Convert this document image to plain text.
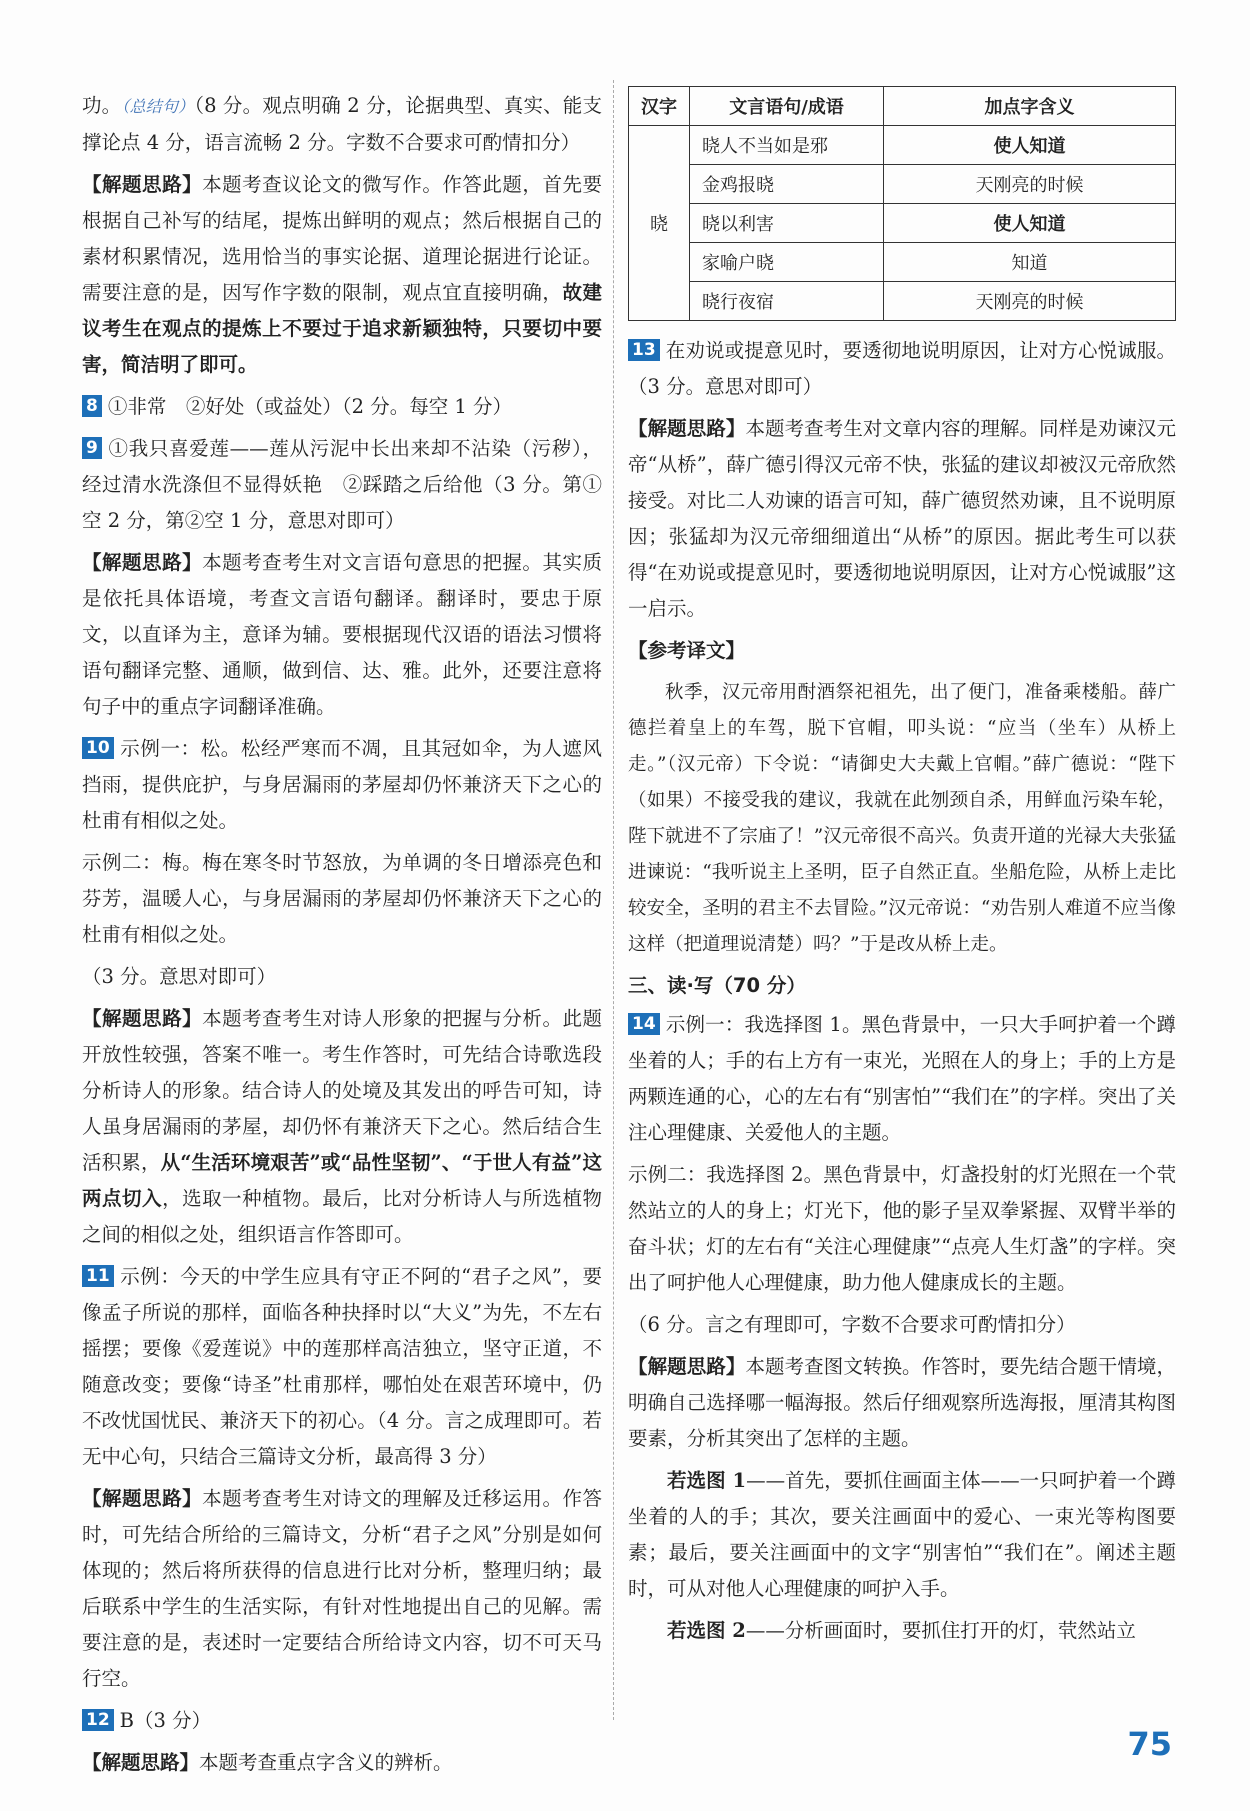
功。（总结句）（8 分。观点明确 2 分，论据典型、真实、能支撑论点 4 分，语言流畅 2 分。字数不合要求可酌情扣分）

【解题思路】本题考查议论文的微写作。作答此题，首先要根据自己补写的结尾，提炼出鲜明的观点；然后根据自己的素材积累情况，选用恰当的事实论据、道理论据进行论证。需要注意的是，因写作字数的限制，观点宜直接明确，故建议考生在观点的提炼上不要过于追求新颖独特，只要切中要害，简洁明了即可。

8 ①非常　②好处（或益处）（2 分。每空 1 分）

9 ①我只喜爱莲——莲从污泥中长出来却不沾染（污秽），经过清水洗涤但不显得妖艳　②踩踏之后给他（3 分。第①空 2 分，第②空 1 分，意思对即可）

【解题思路】本题考查考生对文言语句意思的把握。其实质是依托具体语境，考查文言语句翻译。翻译时，要忠于原文，以直译为主，意译为辅。要根据现代汉语的语法习惯将语句翻译完整、通顺，做到信、达、雅。此外，还要注意将句子中的重点字词翻译准确。

10 示例一：松。松经严寒而不凋，且其冠如伞，为人遮风挡雨，提供庇护，与身居漏雨的茅屋却仍怀兼济天下之心的杜甫有相似之处。

示例二：梅。梅在寒冬时节怒放，为单调的冬日增添亮色和芬芳，温暖人心，与身居漏雨的茅屋却仍怀兼济天下之心的杜甫有相似之处。

（3 分。意思对即可）

【解题思路】本题考查考生对诗人形象的把握与分析。此题开放性较强，答案不唯一。考生作答时，可先结合诗歌选段分析诗人的形象。结合诗人的处境及其发出的呼告可知，诗人虽身居漏雨的茅屋，却仍怀有兼济天下之心。然后结合生活积累，从“生活环境艰苦”或“品性坚韧”、“于世人有益”这两点切入，选取一种植物。最后，比对分析诗人与所选植物之间的相似之处，组织语言作答即可。

11 示例：今天的中学生应具有守正不阿的“君子之风”，要像孟子所说的那样，面临各种抉择时以“大义”为先，不左右摇摆；要像《爱莲说》中的莲那样高洁独立，坚守正道，不随意改变；要像“诗圣”杜甫那样，哪怕处在艰苦环境中，仍不改忧国忧民、兼济天下的初心。（4 分。言之成理即可。若无中心句，只结合三篇诗文分析，最高得 3 分）

【解题思路】本题考查考生对诗文的理解及迁移运用。作答时，可先结合所给的三篇诗文，分析“君子之风”分别是如何体现的；然后将所获得的信息进行比对分析，整理归纳；最后联系中学生的生活实际，有针对性地提出自己的见解。需要注意的是，表述时一定要结合所给诗文内容，切不可天马行空。

12 B（3 分）

【解题思路】本题考查重点字含义的辨析。

汉字	文言语句/成语	加点字含义
晓	晓人不当如是邪	使人知道
	金鸡报晓	天刚亮的时候
	晓以利害	使人知道
	家喻户晓	知道
	晓行夜宿	天刚亮的时候

13 在劝说或提意见时，要透彻地说明原因，让对方心悦诚服。（3 分。意思对即可）

【解题思路】本题考查考生对文章内容的理解。同样是劝谏汉元帝“从桥”，薛广德引得汉元帝不快，张猛的建议却被汉元帝欣然接受。对比二人劝谏的语言可知，薛广德贸然劝谏，且不说明原因；张猛却为汉元帝细细道出“从桥”的原因。据此考生可以获得“在劝说或提意见时，要透彻地说明原因，让对方心悦诚服”这一启示。

【参考译文】

秋季，汉元帝用酎酒祭祀祖先，出了便门，准备乘楼船。薛广德拦着皇上的车驾，脱下官帽，叩头说：“应当（坐车）从桥上走。”（汉元帝）下令说：“请御史大夫戴上官帽。”薛广德说：“陛下（如果）不接受我的建议，我就在此刎颈自杀，用鲜血污染车轮，陛下就进不了宗庙了！”汉元帝很不高兴。负责开道的光禄大夫张猛进谏说：“我听说主上圣明，臣子自然正直。坐船危险，从桥上走比较安全，圣明的君主不去冒险。”汉元帝说：“劝告别人难道不应当像这样（把道理说清楚）吗？”于是改从桥上走。

三、读·写（70 分）

14 示例一：我选择图 1。黑色背景中，一只大手呵护着一个蹲坐着的人；手的右上方有一束光，光照在人的身上；手的上方是两颗连通的心，心的左右有“别害怕”“我们在”的字样。突出了关注心理健康、关爱他人的主题。

示例二：我选择图 2。黑色背景中，灯盏投射的灯光照在一个茕然站立的人的身上；灯光下，他的影子呈双拳紧握、双臂半举的奋斗状；灯的左右有“关注心理健康”“点亮人生灯盏”的字样。突出了呵护他人心理健康，助力他人健康成长的主题。

（6 分。言之有理即可，字数不合要求可酌情扣分）

【解题思路】本题考查图文转换。作答时，要先结合题干情境，明确自己选择哪一幅海报。然后仔细观察所选海报，厘清其构图要素，分析其突出了怎样的主题。

若选图 1——首先，要抓住画面主体——一只呵护着一个蹲坐着的人的手；其次，要关注画面中的爱心、一束光等构图要素；最后，要关注画面中的文字“别害怕”“我们在”。阐述主题时，可从对他人心理健康的呵护入手。

若选图 2——分析画面时，要抓住打开的灯，茕然站立

75
